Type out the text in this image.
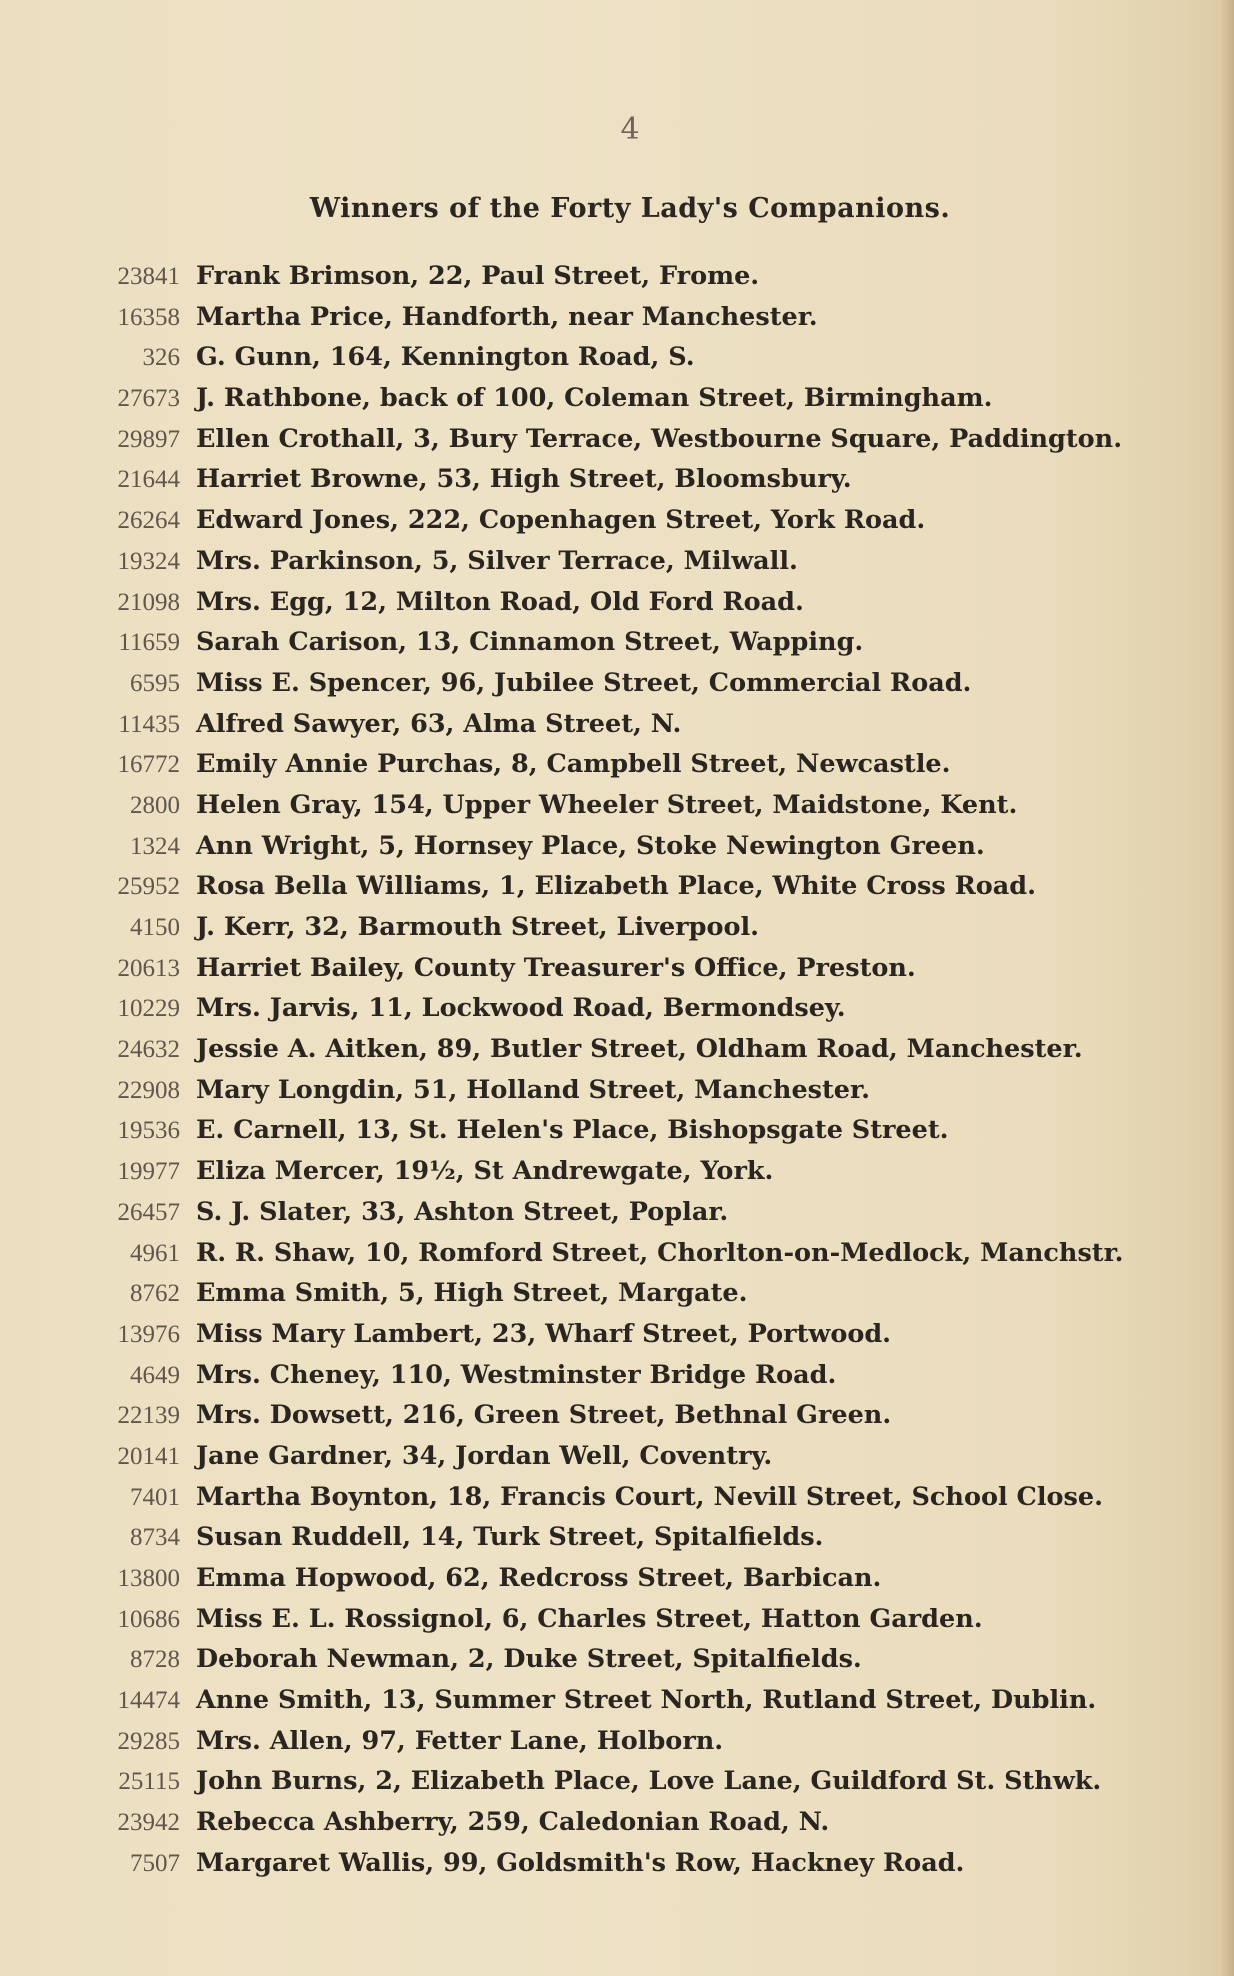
4
Winners of the Forty Lady's Companions.
23841 Frank Brimson, 22, Paul Street, Frome.
16358 Martha Price, Handforth, near Manchester.
326 G. Gunn, 164, Kennington Road, S.
27673 J. Rathbone, back of 100, Coleman Street, Birmingham.
29897 Ellen Crothall, 3, Bury Terrace, Westbourne Square, Paddington.
21644 Harriet Browne, 53, High Street, Bloomsbury.
26264 Edward Jones, 222, Copenhagen Street, York Road.
19324 Mrs. Parkinson, 5, Silver Terrace, Milwall.
21098 Mrs. Egg, 12, Milton Road, Old Ford Road.
11659 Sarah Carison, 13, Cinnamon Street, Wapping.
6595 Miss E. Spencer, 96, Jubilee Street, Commercial Road.
11435 Alfred Sawyer, 63, Alma Street, N.
16772 Emily Annie Purchas, 8, Campbell Street, Newcastle.
2800 Helen Gray, 154, Upper Wheeler Street, Maidstone, Kent.
1324 Ann Wright, 5, Hornsey Place, Stoke Newington Green.
25952 Rosa Bella Williams, 1, Elizabeth Place, White Cross Road.
4150 J. Kerr, 32, Barmouth Street, Liverpool.
20613 Harriet Bailey, County Treasurer's Office, Preston.
10229 Mrs. Jarvis, 11, Lockwood Road, Bermondsey.
24632 Jessie A. Aitken, 89, Butler Street, Oldham Road, Manchester.
22908 Mary Longdin, 51, Holland Street, Manchester.
19536 E. Carnell, 13, St. Helen's Place, Bishopsgate Street.
19977 Eliza Mercer, 19½, St Andrewgate, York.
26457 S. J. Slater, 33, Ashton Street, Poplar.
4961 R. R. Shaw, 10, Romford Street, Chorlton-on-Medlock, Manchstr.
8762 Emma Smith, 5, High Street, Margate.
13976 Miss Mary Lambert, 23, Wharf Street, Portwood.
4649 Mrs. Cheney, 110, Westminster Bridge Road.
22139 Mrs. Dowsett, 216, Green Street, Bethnal Green.
20141 Jane Gardner, 34, Jordan Well, Coventry.
7401 Martha Boynton, 18, Francis Court, Nevill Street, School Close.
8734 Susan Ruddell, 14, Turk Street, Spitalfields.
13800 Emma Hopwood, 62, Redcross Street, Barbican.
10686 Miss E. L. Rossignol, 6, Charles Street, Hatton Garden.
8728 Deborah Newman, 2, Duke Street, Spitalfields.
14474 Anne Smith, 13, Summer Street North, Rutland Street, Dublin.
29285 Mrs. Allen, 97, Fetter Lane, Holborn.
25115 John Burns, 2, Elizabeth Place, Love Lane, Guildford St. Sthwk.
23942 Rebecca Ashberry, 259, Caledonian Road, N.
7507 Margaret Wallis, 99, Goldsmith's Row, Hackney Road.
